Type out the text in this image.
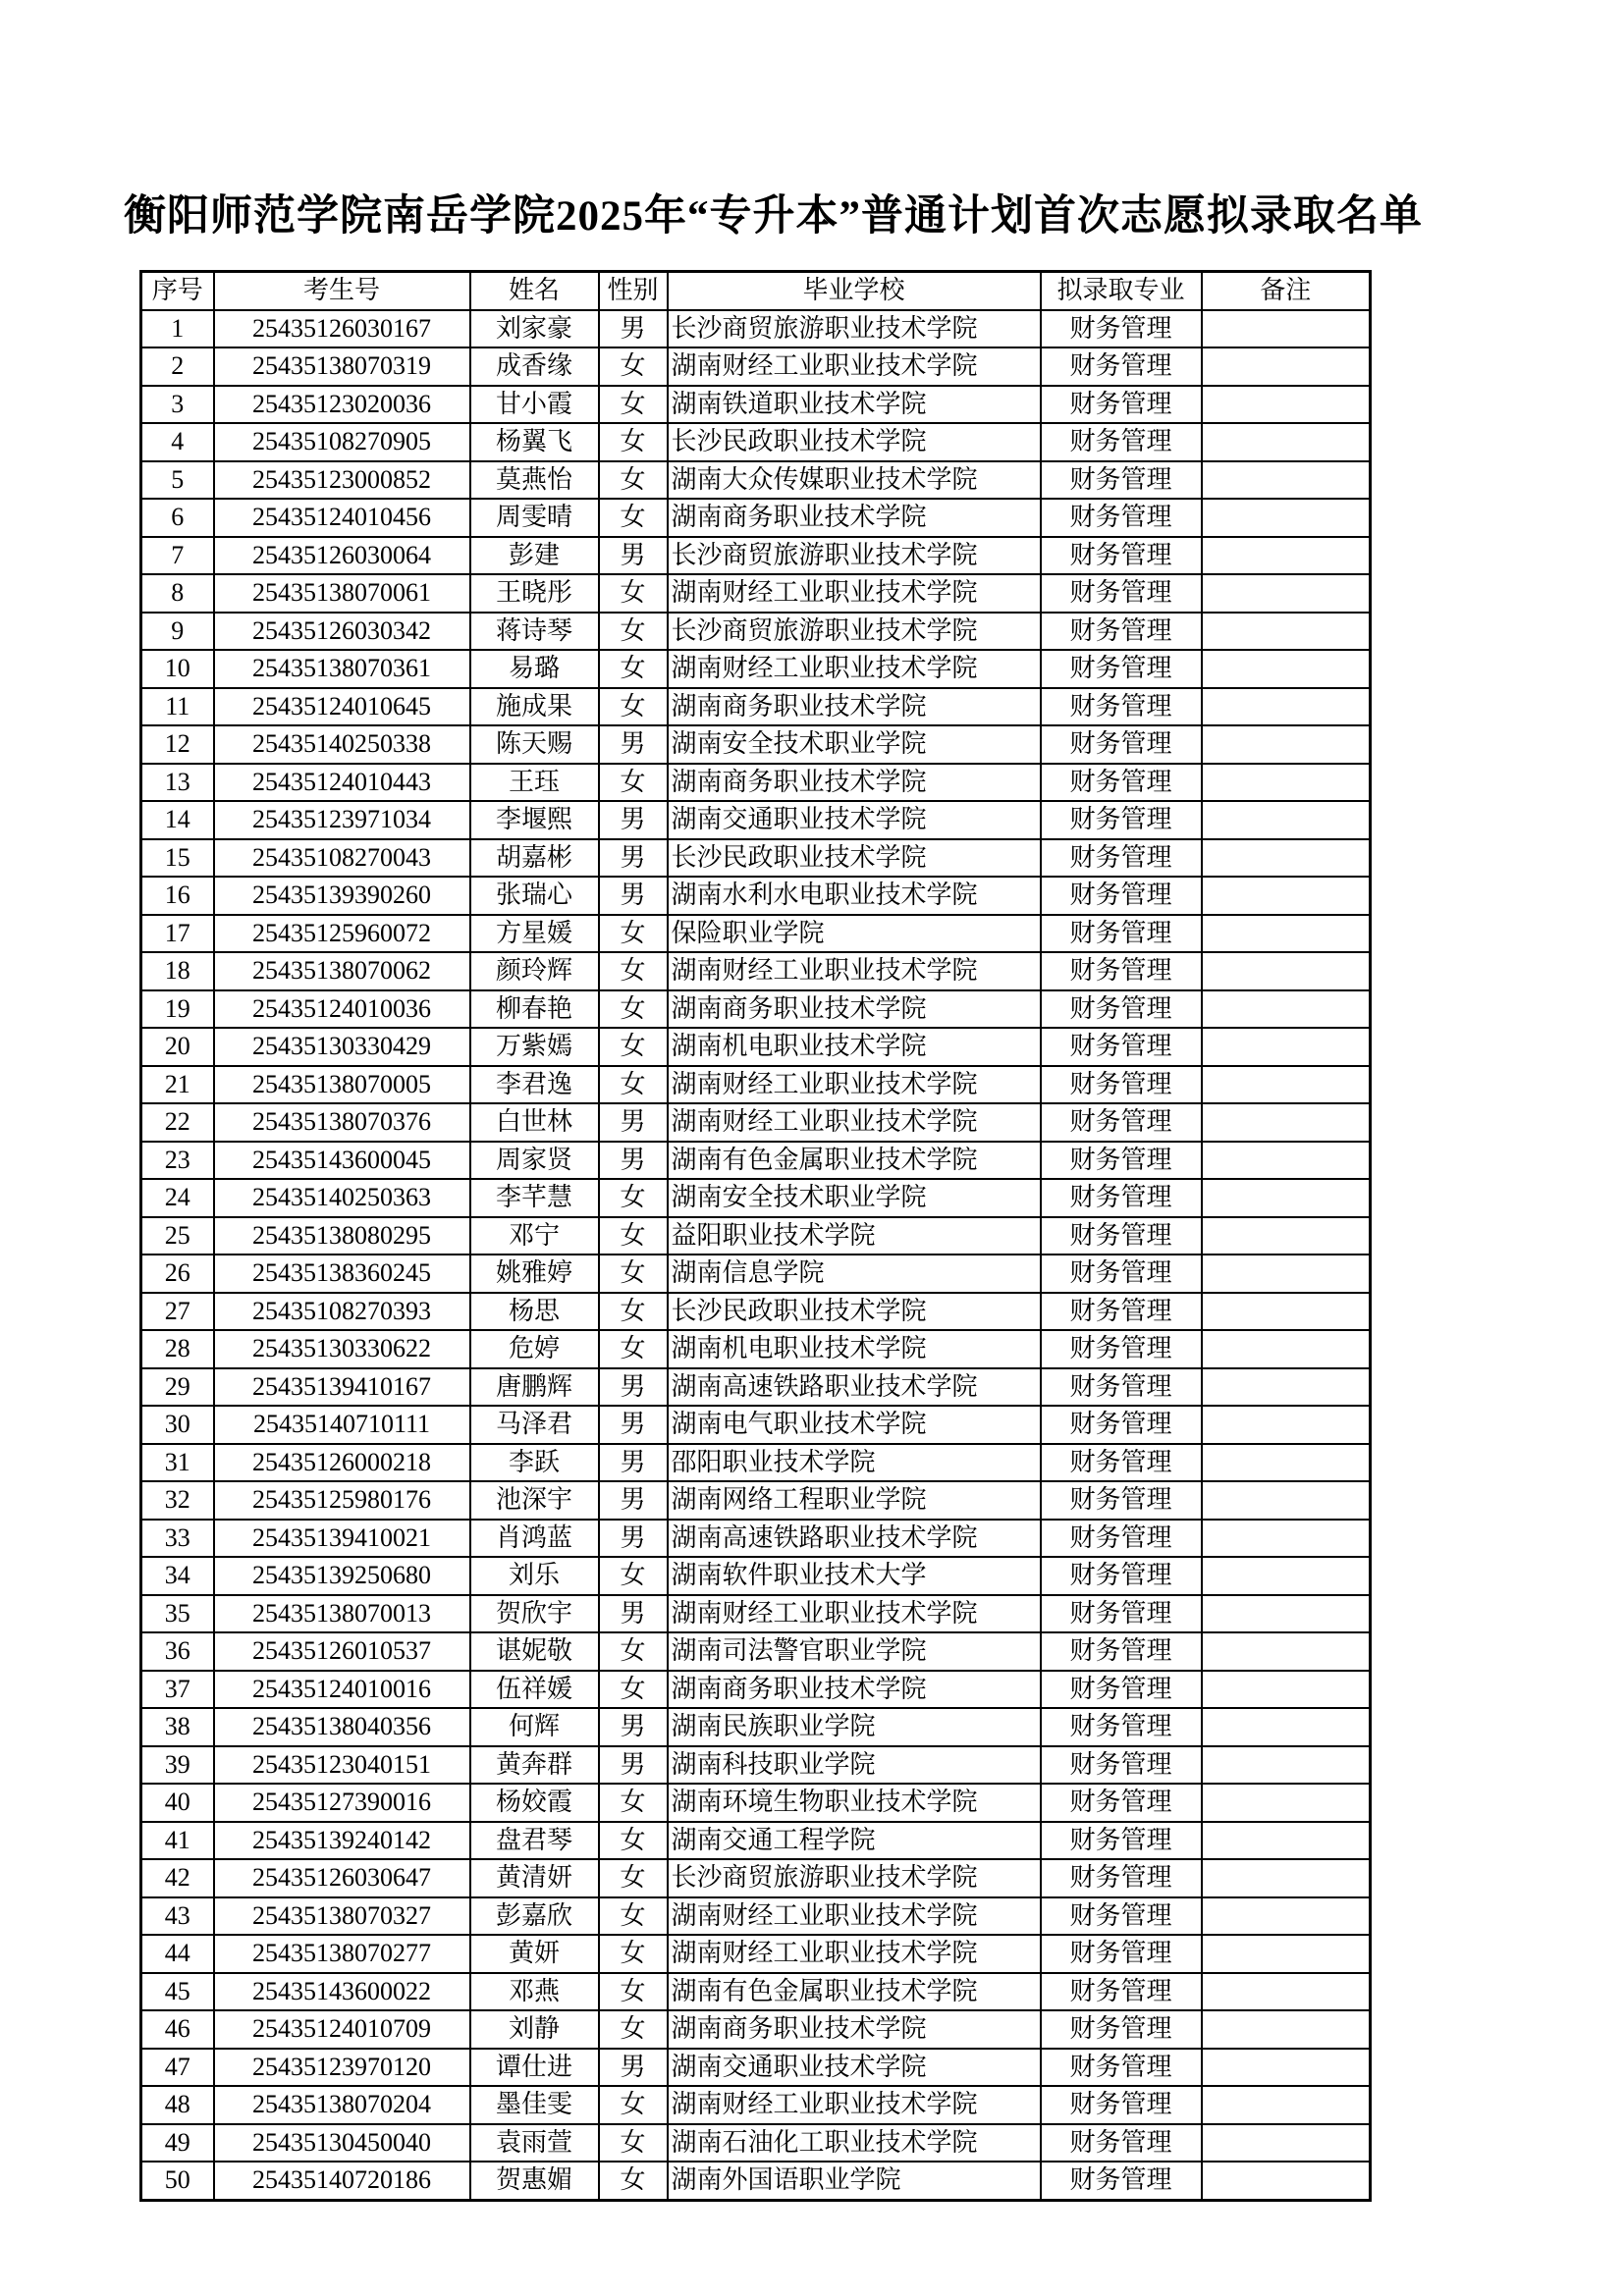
衡阳师范学院南岳学院2025年“专升本”普通计划首次志愿拟录取名单
序号	考生号	姓名	性别	毕业学校	拟录取专业	备注
1	25435126030167	刘家豪	男	长沙商贸旅游职业技术学院	财务管理	
2	25435138070319	成香缘	女	湖南财经工业职业技术学院	财务管理	
3	25435123020036	甘小霞	女	湖南铁道职业技术学院	财务管理	
4	25435108270905	杨翼飞	女	长沙民政职业技术学院	财务管理	
5	25435123000852	莫燕怡	女	湖南大众传媒职业技术学院	财务管理	
6	25435124010456	周雯晴	女	湖南商务职业技术学院	财务管理	
7	25435126030064	彭建	男	长沙商贸旅游职业技术学院	财务管理	
8	25435138070061	王晓彤	女	湖南财经工业职业技术学院	财务管理	
9	25435126030342	蒋诗琴	女	长沙商贸旅游职业技术学院	财务管理	
10	25435138070361	易璐	女	湖南财经工业职业技术学院	财务管理	
11	25435124010645	施成果	女	湖南商务职业技术学院	财务管理	
12	25435140250338	陈天赐	男	湖南安全技术职业学院	财务管理	
13	25435124010443	王珏	女	湖南商务职业技术学院	财务管理	
14	25435123971034	李堰熙	男	湖南交通职业技术学院	财务管理	
15	25435108270043	胡嘉彬	男	长沙民政职业技术学院	财务管理	
16	25435139390260	张瑞心	男	湖南水利水电职业技术学院	财务管理	
17	25435125960072	方星媛	女	保险职业学院	财务管理	
18	25435138070062	颜玲辉	女	湖南财经工业职业技术学院	财务管理	
19	25435124010036	柳春艳	女	湖南商务职业技术学院	财务管理	
20	25435130330429	万紫嫣	女	湖南机电职业技术学院	财务管理	
21	25435138070005	李君逸	女	湖南财经工业职业技术学院	财务管理	
22	25435138070376	白世林	男	湖南财经工业职业技术学院	财务管理	
23	25435143600045	周家贤	男	湖南有色金属职业技术学院	财务管理	
24	25435140250363	李芊慧	女	湖南安全技术职业学院	财务管理	
25	25435138080295	邓宁	女	益阳职业技术学院	财务管理	
26	25435138360245	姚雅婷	女	湖南信息学院	财务管理	
27	25435108270393	杨思	女	长沙民政职业技术学院	财务管理	
28	25435130330622	危婷	女	湖南机电职业技术学院	财务管理	
29	25435139410167	唐鹏辉	男	湖南高速铁路职业技术学院	财务管理	
30	25435140710111	马泽君	男	湖南电气职业技术学院	财务管理	
31	25435126000218	李跃	男	邵阳职业技术学院	财务管理	
32	25435125980176	池深宇	男	湖南网络工程职业学院	财务管理	
33	25435139410021	肖鸿蓝	男	湖南高速铁路职业技术学院	财务管理	
34	25435139250680	刘乐	女	湖南软件职业技术大学	财务管理	
35	25435138070013	贺欣宇	男	湖南财经工业职业技术学院	财务管理	
36	25435126010537	谌妮敬	女	湖南司法警官职业学院	财务管理	
37	25435124010016	伍祥媛	女	湖南商务职业技术学院	财务管理	
38	25435138040356	何辉	男	湖南民族职业学院	财务管理	
39	25435123040151	黄奔群	男	湖南科技职业学院	财务管理	
40	25435127390016	杨姣霞	女	湖南环境生物职业技术学院	财务管理	
41	25435139240142	盘君琴	女	湖南交通工程学院	财务管理	
42	25435126030647	黄清妍	女	长沙商贸旅游职业技术学院	财务管理	
43	25435138070327	彭嘉欣	女	湖南财经工业职业技术学院	财务管理	
44	25435138070277	黄妍	女	湖南财经工业职业技术学院	财务管理	
45	25435143600022	邓燕	女	湖南有色金属职业技术学院	财务管理	
46	25435124010709	刘静	女	湖南商务职业技术学院	财务管理	
47	25435123970120	谭仕进	男	湖南交通职业技术学院	财务管理	
48	25435138070204	墨佳雯	女	湖南财经工业职业技术学院	财务管理	
49	25435130450040	袁雨萱	女	湖南石油化工职业技术学院	财务管理	
50	25435140720186	贺惠媚	女	湖南外国语职业学院	财务管理	
